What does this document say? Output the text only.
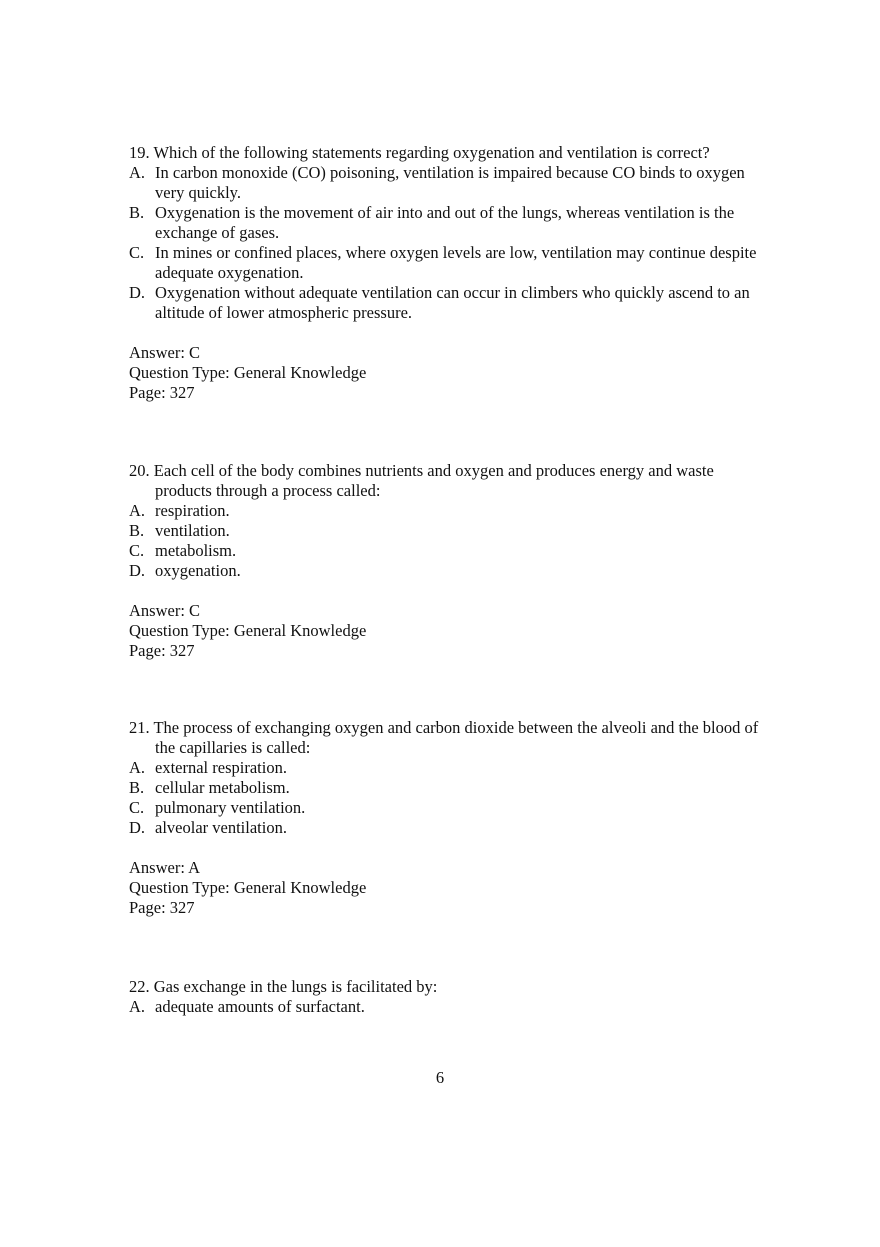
19. Which of the following statements regarding oxygenation and ventilation is correct?
A. In carbon monoxide (CO) poisoning, ventilation is impaired because CO binds to oxygen very quickly.
B. Oxygenation is the movement of air into and out of the lungs, whereas ventilation is the exchange of gases.
C. In mines or confined places, where oxygen levels are low, ventilation may continue despite adequate oxygenation.
D. Oxygenation without adequate ventilation can occur in climbers who quickly ascend to an altitude of lower atmospheric pressure.
Answer: C
Question Type: General Knowledge
Page: 327
20. Each cell of the body combines nutrients and oxygen and produces energy and waste products through a process called:
A. respiration.
B. ventilation.
C. metabolism.
D. oxygenation.
Answer: C
Question Type: General Knowledge
Page: 327
21. The process of exchanging oxygen and carbon dioxide between the alveoli and the blood of the capillaries is called:
A. external respiration.
B. cellular metabolism.
C. pulmonary ventilation.
D. alveolar ventilation.
Answer: A
Question Type: General Knowledge
Page: 327
22. Gas exchange in the lungs is facilitated by:
A. adequate amounts of surfactant.
6
